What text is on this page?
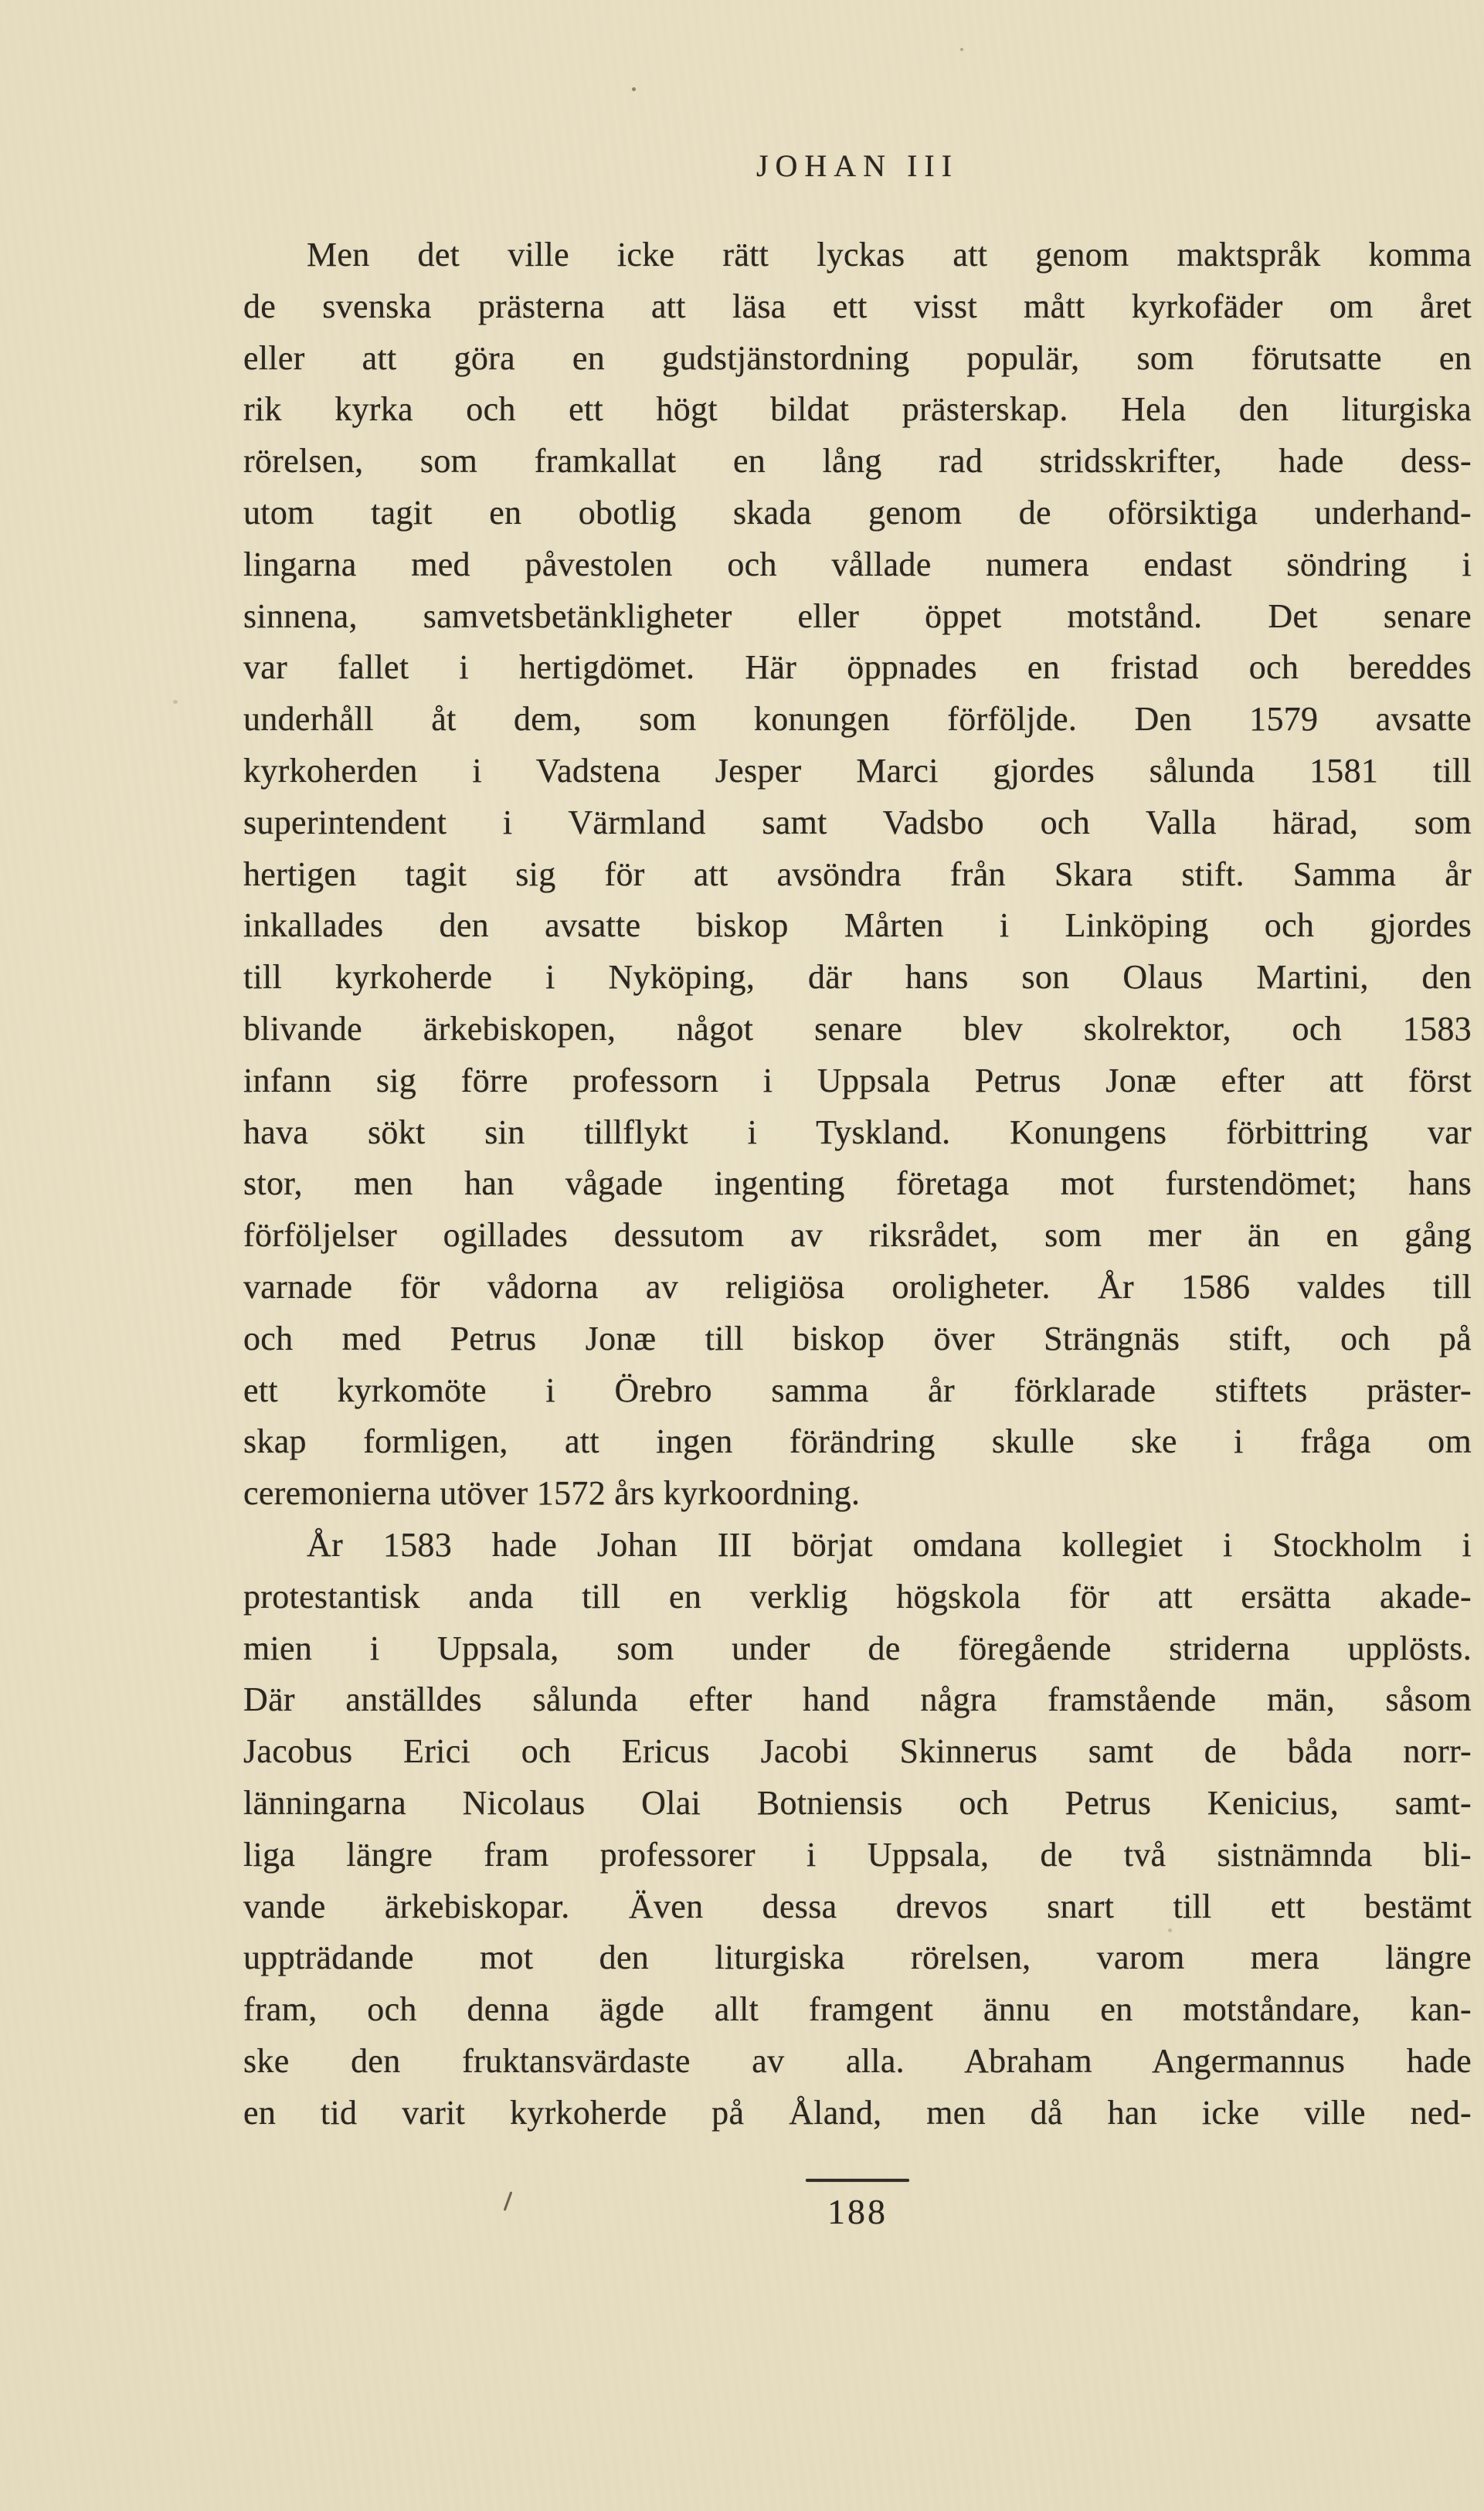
JOHAN III
Men det ville icke rätt lyckas att genom maktspråk komma
de svenska prästerna att läsa ett visst mått kyrkofäder om året
eller att göra en gudstjänstordning populär, som förutsatte en
rik kyrka och ett högt bildat prästerskap. Hela den liturgiska
rörelsen, som framkallat en lång rad stridsskrifter, hade dess-
utom tagit en obotlig skada genom de oförsiktiga underhand-
lingarna med påvestolen och vållade numera endast söndring i
sinnena, samvetsbetänkligheter eller öppet motstånd. Det senare
var fallet i hertigdömet. Här öppnades en fristad och bereddes
underhåll åt dem, som konungen förföljde. Den 1579 avsatte
kyrkoherden i Vadstena Jesper Marci gjordes sålunda 1581 till
superintendent i Värmland samt Vadsbo och Valla härad, som
hertigen tagit sig för att avsöndra från Skara stift. Samma år
inkallades den avsatte biskop Mårten i Linköping och gjordes
till kyrkoherde i Nyköping, där hans son Olaus Martini, den
blivande ärkebiskopen, något senare blev skolrektor, och 1583
infann sig förre professorn i Uppsala Petrus Jonæ efter att först
hava sökt sin tillflykt i Tyskland. Konungens förbittring var
stor, men han vågade ingenting företaga mot furstendömet; hans
förföljelser ogillades dessutom av riksrådet, som mer än en gång
varnade för vådorna av religiösa oroligheter. År 1586 valdes till
och med Petrus Jonæ till biskop över Strängnäs stift, och på
ett kyrkomöte i Örebro samma år förklarade stiftets präster-
skap formligen, att ingen förändring skulle ske i fråga om
ceremonierna utöver 1572 års kyrkoordning.
År 1583 hade Johan III börjat omdana kollegiet i Stockholm i
protestantisk anda till en verklig högskola för att ersätta akade-
mien i Uppsala, som under de föregående striderna upplösts.
Där anställdes sålunda efter hand några framstående män, såsom
Jacobus Erici och Ericus Jacobi Skinnerus samt de båda norr-
länningarna Nicolaus Olai Botniensis och Petrus Kenicius, samt-
liga längre fram professorer i Uppsala, de två sistnämnda bli-
vande ärkebiskopar. Även dessa drevos snart till ett bestämt
uppträdande mot den liturgiska rörelsen, varom mera längre
fram, och denna ägde allt framgent ännu en motståndare, kan-
ske den fruktansvärdaste av alla. Abraham Angermannus hade
en tid varit kyrkoherde på Åland, men då han icke ville ned-
188
